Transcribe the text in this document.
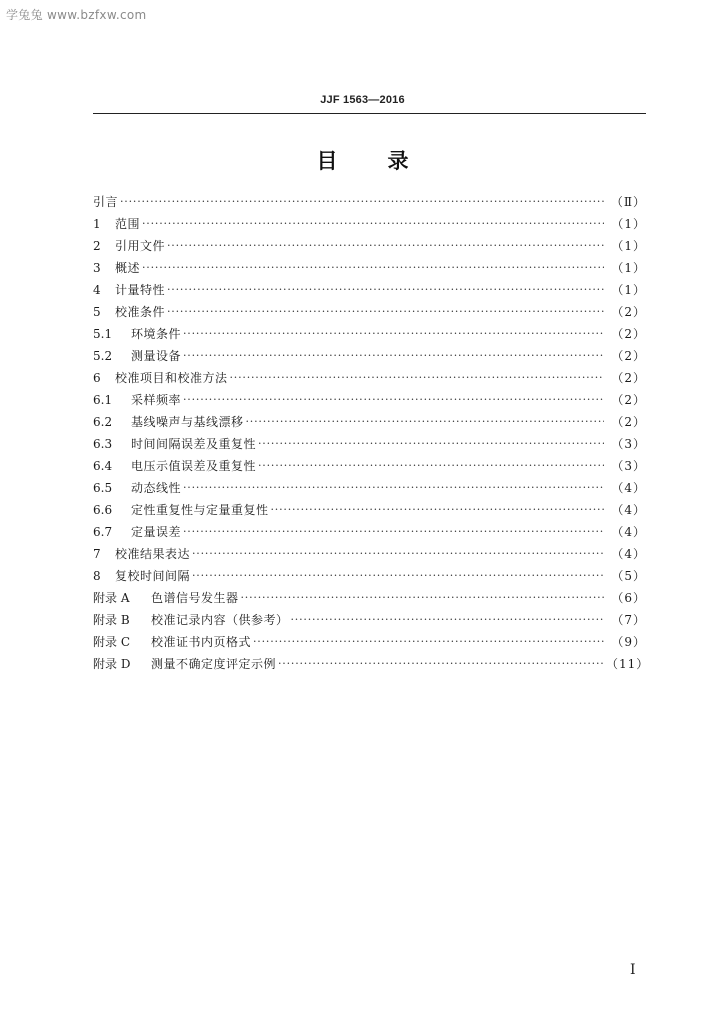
学兔兔 www.bzfxw.com
JJF 1563—2016
目录
引言 ·····	（Ⅱ）
1	范围 ·····	（1）
2	引用文件 ·····	（1）
3	概述 ·····	（1）
4	计量特性 ·····	（1）
5	校准条件 ·····	（2）
5.1	环境条件 ·····	（2）
5.2	测量设备 ·····	（2）
6	校准项目和校准方法 ·····	（2）
6.1	采样频率 ·····	（2）
6.2	基线噪声与基线漂移 ·····	（2）
6.3	时间间隔误差及重复性 ·····	（3）
6.4	电压示值误差及重复性 ·····	（3）
6.5	动态线性 ·····	（4）
6.6	定性重复性与定量重复性 ·····	（4）
6.7	定量误差 ·····	（4）
7	校准结果表达 ·····	（4）
8	复校时间间隔 ·····	（5）
附录 A	色谱信号发生器 ·····	（6）
附录 B	校准记录内容（供参考） ·····	（7）
附录 C	校准证书内页格式 ·····	（9）
附录 D	测量不确定度评定示例 ·····	（11）
I
